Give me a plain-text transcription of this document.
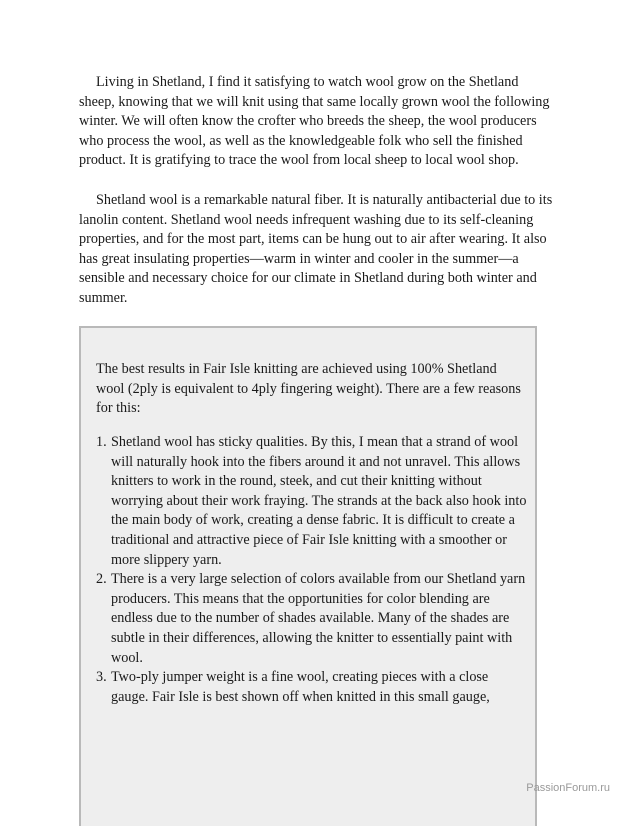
Living in Shetland, I find it satisfying to watch wool grow on the Shetland sheep, knowing that we will knit using that same locally grown wool the following winter. We will often know the crofter who breeds the sheep, the wool producers who process the wool, as well as the knowledgeable folk who sell the finished product. It is gratifying to trace the wool from local sheep to local wool shop.

Shetland wool is a remarkable natural fiber. It is naturally antibacterial due to its lanolin content. Shetland wool needs infrequent washing due to its self-cleaning properties, and for the most part, items can be hung out to air after wearing. It also has great insulating properties—warm in winter and cooler in the summer—a sensible and necessary choice for our climate in Shetland during both winter and summer.

The best results in Fair Isle knitting are achieved using 100% Shetland wool (2ply is equivalent to 4ply fingering weight). There are a few reasons for this:

1. Shetland wool has sticky qualities. By this, I mean that a strand of wool will naturally hook into the fibers around it and not unravel. This allows knitters to work in the round, steek, and cut their knitting without worrying about their work fraying. The strands at the back also hook into the main body of work, creating a dense fabric. It is difficult to create a traditional and attractive piece of Fair Isle knitting with a smoother or more slippery yarn.
2. There is a very large selection of colors available from our Shetland yarn producers. This means that the opportunities for color blending are endless due to the number of shades available. Many of the shades are subtle in their differences, allowing the knitter to essentially paint with wool.
3. Two-ply jumper weight is a fine wool, creating pieces with a close gauge. Fair Isle is best shown off when knitted in this small gauge,
PassionForum.ru
